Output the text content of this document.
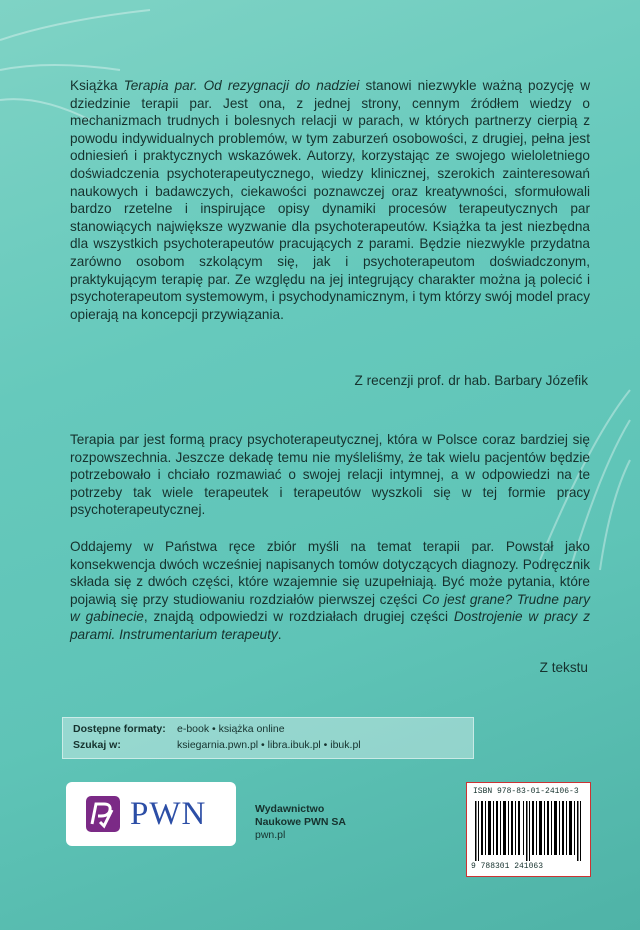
Książka Terapia par. Od rezygnacji do nadziei stanowi niezwykle ważną pozycję w dziedzinie terapii par. Jest ona, z jednej strony, cennym źródłem wiedzy o mechanizmach trudnych i bolesnych relacji w parach, w których partnerzy cierpią z powodu indywidualnych problemów, w tym zaburzeń osobowości, z drugiej, pełna jest odniesień i praktycznych wskazówek. Autorzy, korzystając ze swojego wieloletniego doświadczenia psychoterapeutycznego, wiedzy klinicznej, szerokich zainteresowań naukowych i badawczych, ciekawości poznawczej oraz kreatywności, sformułowali bardzo rzetelne i inspirujące opisy dynamiki procesów terapeutycznych par stanowiących największe wyzwanie dla psychoterapeutów. Książka ta jest niezbędna dla wszystkich psychoterapeutów pracujących z parami. Będzie niezwykle przydatna zarówno osobom szkolącym się, jak i psychoterapeutom doświadczonym, praktykującym terapię par. Ze względu na jej integrujący charakter można ją polecić i psychoterapeutom systemowym, i psychodynamicznym, i tym którzy swój model pracy opierają na koncepcji przywiązania.

Z recenzji prof. dr hab. Barbary Józefik

Terapia par jest formą pracy psychoterapeutycznej, która w Polsce coraz bardziej się rozpowszechnia. Jeszcze dekadę temu nie myśleliśmy, że tak wielu pacjentów będzie potrzebowało i chciało rozmawiać o swojej relacji intymnej, a w odpowiedzi na te potrzeby tak wiele terapeutek i terapeutów wyszkoli się w tej formie pracy psychoterapeutycznej.

Oddajemy w Państwa ręce zbiór myśli na temat terapii par. Powstał jako konsekwencja dwóch wcześniej napisanych tomów dotyczących diagnozy. Podręcznik składa się z dwóch części, które wzajemnie się uzupełniają. Być może pytania, które pojawią się przy studiowaniu rozdziałów pierwszej części Co jest grane? Trudne pary w gabinecie, znajdą odpowiedzi w rozdziałach drugiej części Dostrojenie w pracy z parami. Instrumentarium terapeuty.

Z tekstu
Dostępne formaty: e-book • książka online
Szukaj w:	ksiegarnia.pwn.pl • libra.ibuk.pl • ibuk.pl
PWN	Wydawnictwo
Naukowe PWN SA
pwn.pl
ISBN 978-83-01-24106-3
9 788301 241063
